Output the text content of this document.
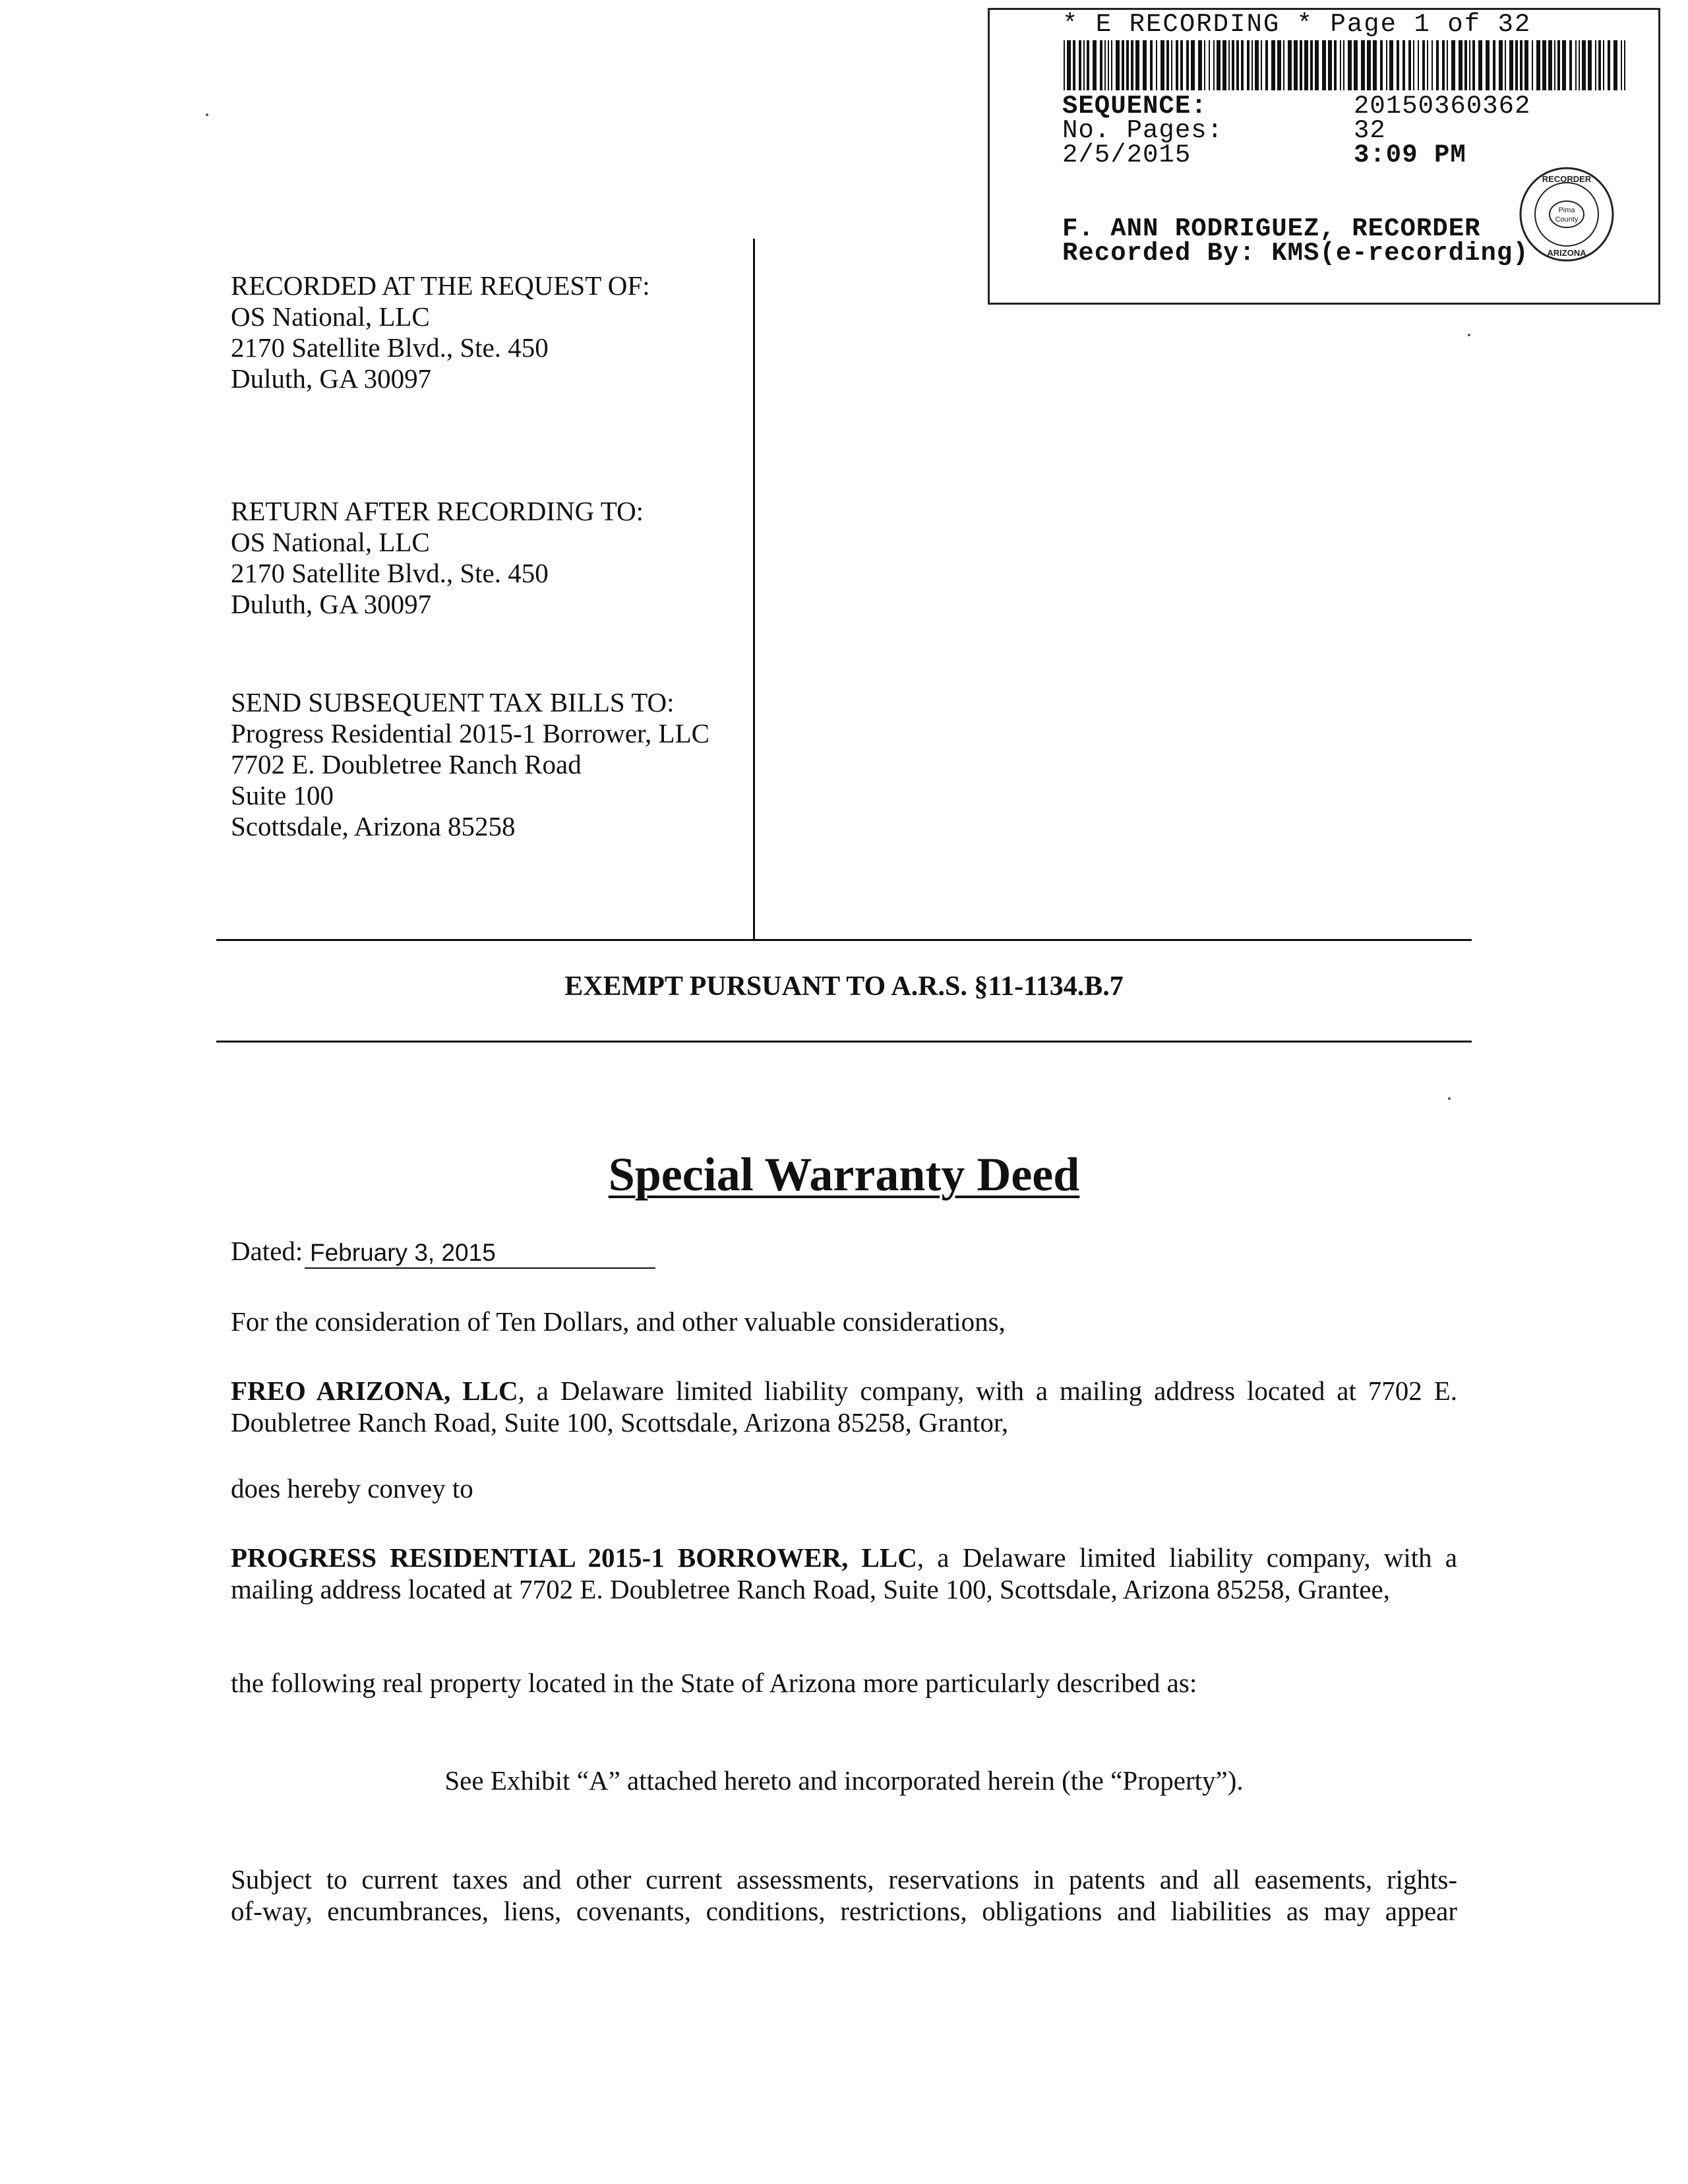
* E RECORDING * Page 1 of 32
SEQUENCE:	20150360362
No. Pages:	32
2/5/2015	3:09 PM
F. ANN RODRIGUEZ, RECORDER
Recorded By: KMS(e-recording)
Pima
County
RECORDER
ARIZONA
RECORDED AT THE REQUEST OF:
OS National, LLC
2170 Satellite Blvd., Ste. 450
Duluth, GA 30097
RETURN AFTER RECORDING TO:
OS National, LLC
2170 Satellite Blvd., Ste. 450
Duluth, GA 30097
SEND SUBSEQUENT TAX BILLS TO:
Progress Residential 2015-1 Borrower, LLC
7702 E. Doubletree Ranch Road
Suite 100
Scottsdale, Arizona 85258
EXEMPT PURSUANT TO A.R.S. §11-1134.B.7
Special Warranty Deed
Dated: February 3, 2015
For the consideration of Ten Dollars, and other valuable considerations,
FREO ARIZONA, LLC, a Delaware limited liability company, with a mailing address located at 7702 E. Doubletree Ranch Road, Suite 100, Scottsdale, Arizona 85258, Grantor,
does hereby convey to
PROGRESS RESIDENTIAL 2015-1 BORROWER, LLC, a Delaware limited liability company, with a mailing address located at 7702 E. Doubletree Ranch Road, Suite 100, Scottsdale, Arizona 85258, Grantee,
the following real property located in the State of Arizona more particularly described as:
See Exhibit “A” attached hereto and incorporated herein (the “Property”).
Subject to current taxes and other current assessments, reservations in patents and all easements, rights-
of-way, encumbrances, liens, covenants, conditions, restrictions, obligations and liabilities as may appear
